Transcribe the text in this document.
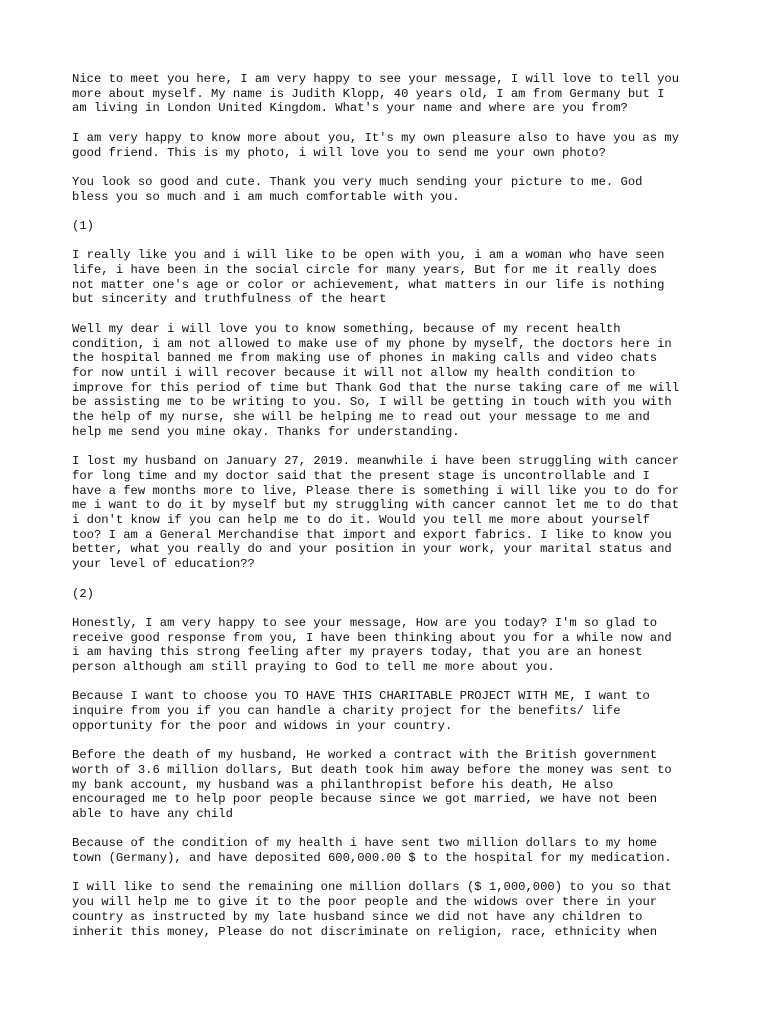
Nice to meet you here, I am very happy to see your message, I will love to tell you
more about myself. My name is Judith Klopp, 40 years old, I am from Germany but I
am living in London United Kingdom. What's your name and where are you from?

I am very happy to know more about you, It's my own pleasure also to have you as my
good friend. This is my photo, i will love you to send me your own photo?

You look so good and cute. Thank you very much sending your picture to me. God
bless you so much and i am much comfortable with you.

(1)

I really like you and i will like to be open with you, i am a woman who have seen
life, i have been in the social circle for many years, But for me it really does
not matter one's age or color or achievement, what matters in our life is nothing
but sincerity and truthfulness of the heart

Well my dear i will love you to know something, because of my recent health
condition, i am not allowed to make use of my phone by myself, the doctors here in
the hospital banned me from making use of phones in making calls and video chats
for now until i will recover because it will not allow my health condition to
improve for this period of time but Thank God that the nurse taking care of me will
be assisting me to be writing to you. So, I will be getting in touch with you with
the help of my nurse, she will be helping me to read out your message to me and
help me send you mine okay. Thanks for understanding.

I lost my husband on January 27, 2019. meanwhile i have been struggling with cancer
for long time and my doctor said that the present stage is uncontrollable and I
have a few months more to live, Please there is something i will like you to do for
me i want to do it by myself but my struggling with cancer cannot let me to do that
i don't know if you can help me to do it. Would you tell me more about yourself
too? I am a General Merchandise that import and export fabrics. I like to know you
better, what you really do and your position in your work, your marital status and
your level of education??

(2)

Honestly, I am very happy to see your message, How are you today? I'm so glad to
receive good response from you, I have been thinking about you for a while now and
i am having this strong feeling after my prayers today, that you are an honest
person although am still praying to God to tell me more about you.

Because I want to choose you TO HAVE THIS CHARITABLE PROJECT WITH ME, I want to
inquire from you if you can handle a charity project for the benefits/ life
opportunity for the poor and widows in your country.

Before the death of my husband, He worked a contract with the British government
worth of 3.6 million dollars, But death took him away before the money was sent to
my bank account, my husband was a philanthropist before his death, He also
encouraged me to help poor people because since we got married, we have not been
able to have any child

Because of the condition of my health i have sent two million dollars to my home
town (Germany), and have deposited 600,000.00 $ to the hospital for my medication.

I will like to send the remaining one million dollars ($ 1,000,000) to you so that
you will help me to give it to the poor people and the widows over there in your
country as instructed by my late husband since we did not have any children to
inherit this money, Please do not discriminate on religion, race, ethnicity when
